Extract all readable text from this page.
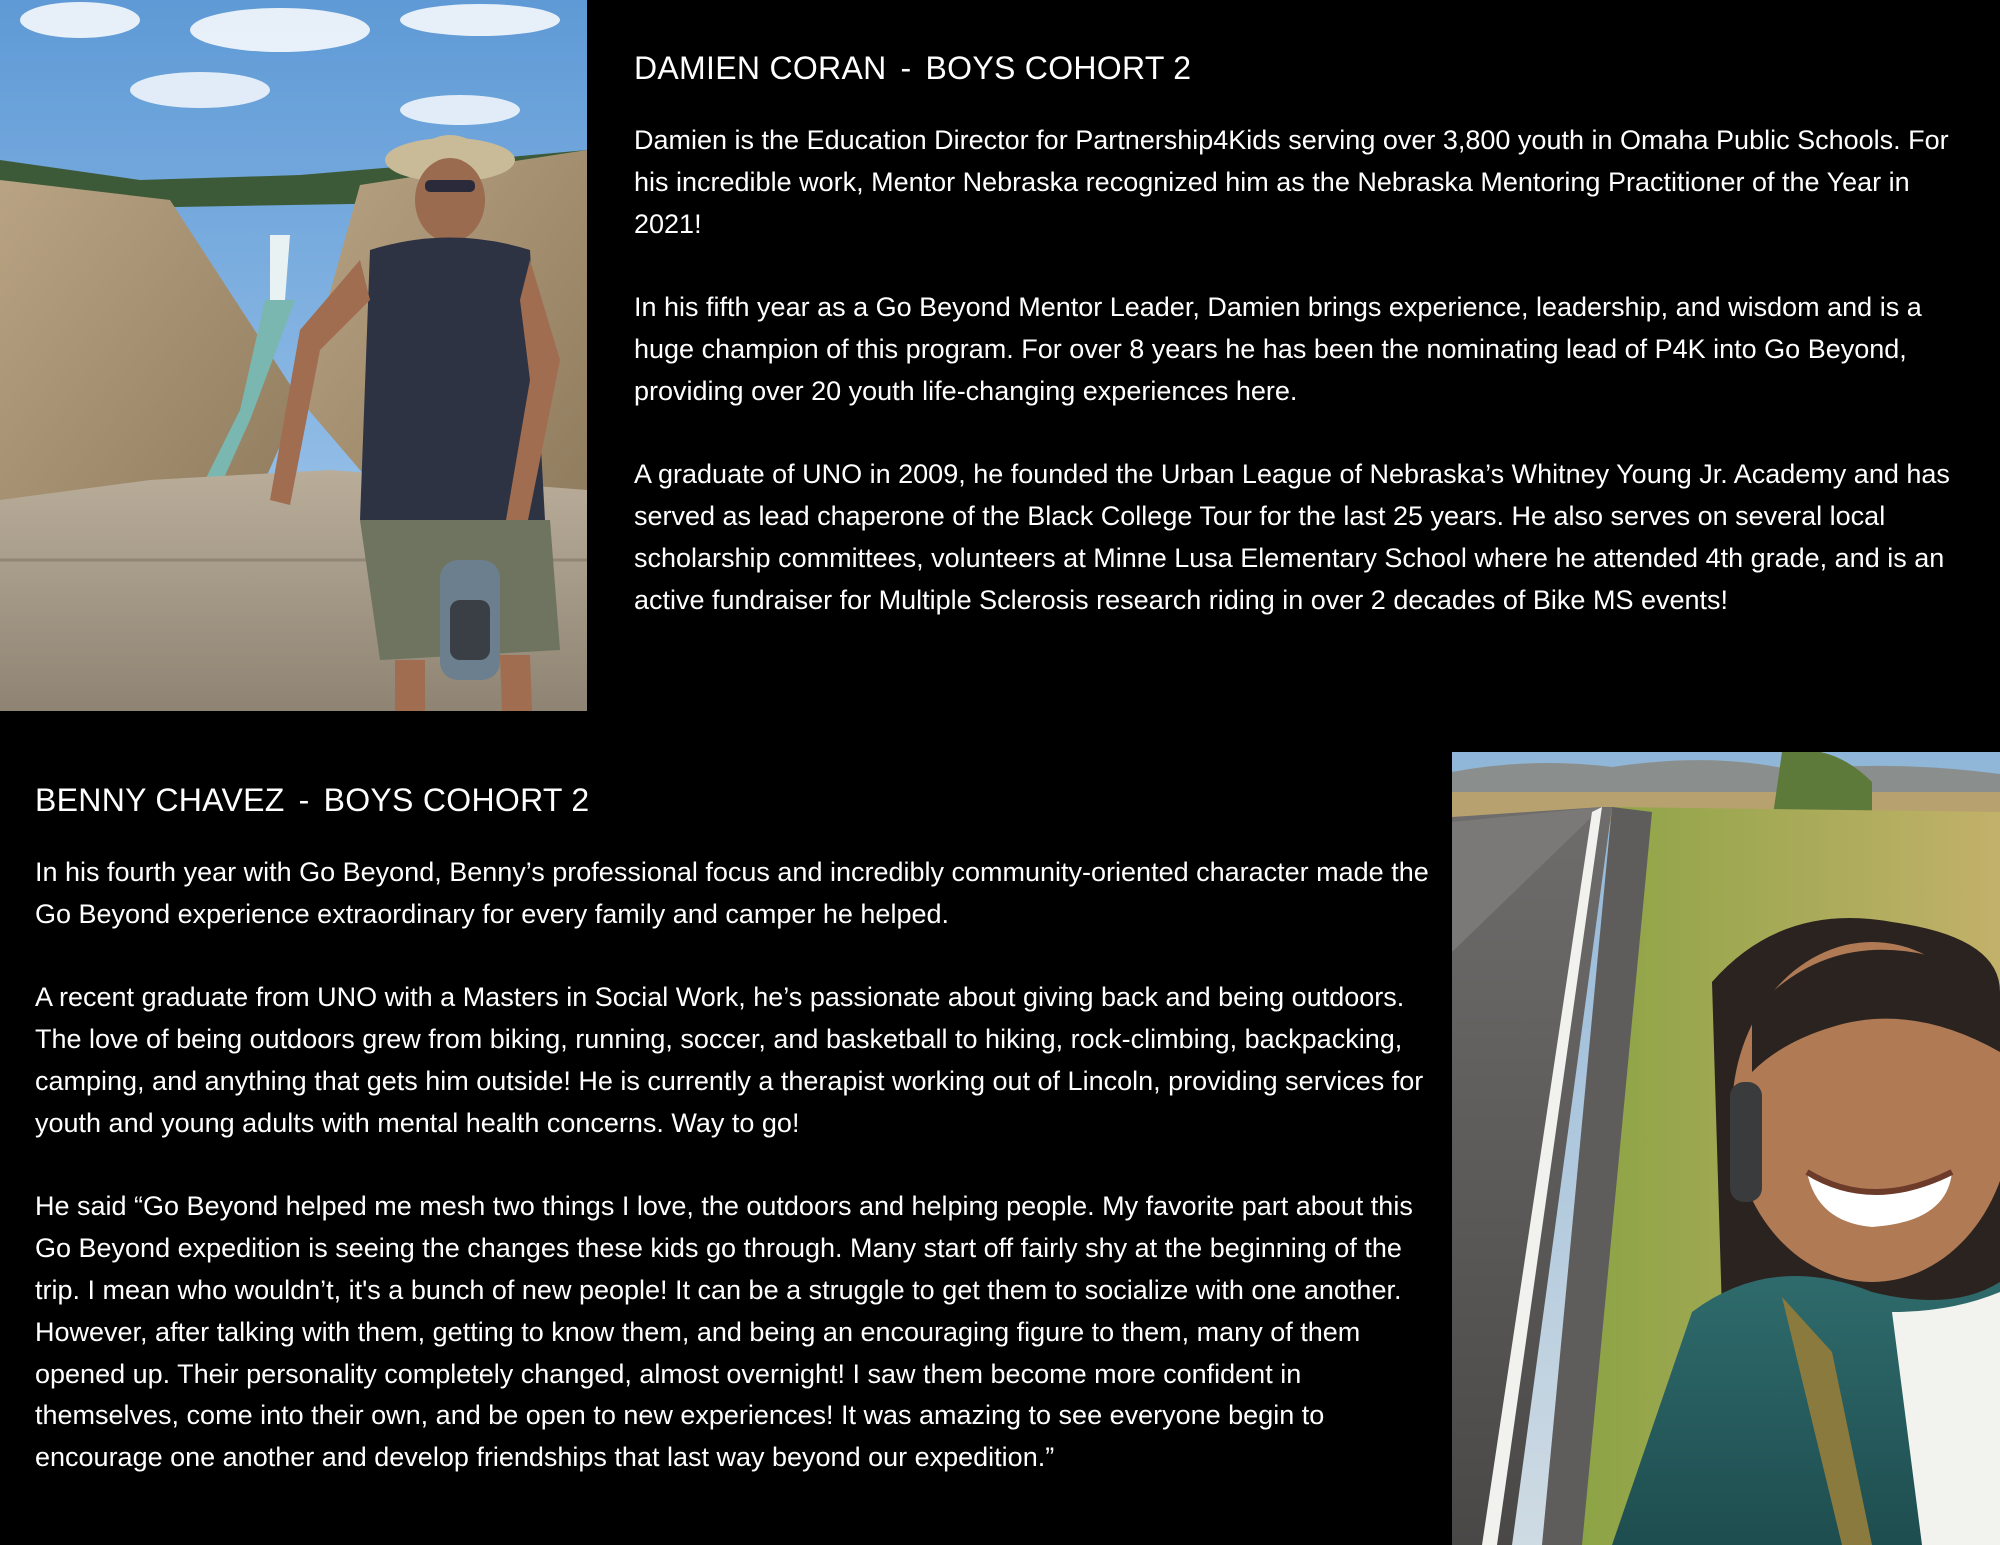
DAMIEN CORAN - BOYS COHORT 2

Damien is the Education Director for Partnership4Kids serving over 3,800 youth in Omaha Public Schools. For his incredible work, Mentor Nebraska recognized him as the Nebraska Mentoring Practitioner of the Year in 2021!

In his fifth year as a Go Beyond Mentor Leader, Damien brings experience, leadership, and wisdom and is a huge champion of this program. For over 8 years he has been the nominating lead of P4K into Go Beyond, providing over 20 youth life-changing experiences here.

A graduate of UNO in 2009, he founded the Urban League of Nebraska’s Whitney Young Jr. Academy and has served as lead chaperone of the Black College Tour for the last 25 years. He also serves on several local scholarship committees, volunteers at Minne Lusa Elementary School where he attended 4th grade, and is an active fundraiser for Multiple Sclerosis research riding in over 2 decades of Bike MS events!

BENNY CHAVEZ - BOYS COHORT 2

In his fourth year with Go Beyond, Benny’s professional focus and incredibly community-oriented character made the Go Beyond experience extraordinary for every family and camper he helped.

A recent graduate from UNO with a Masters in Social Work, he’s passionate about giving back and being outdoors. The love of being outdoors grew from biking, running, soccer, and basketball to hiking, rock-climbing, backpacking, camping, and anything that gets him outside! He is currently a therapist working out of Lincoln, providing services for youth and young adults with mental health concerns. Way to go!

He said “Go Beyond helped me mesh two things I love, the outdoors and helping people. My favorite part about this Go Beyond expedition is seeing the changes these kids go through. Many start off fairly shy at the beginning of the trip. I mean who wouldn’t, it's a bunch of new people! It can be a struggle to get them to socialize with one another. However, after talking with them, getting to know them, and being an encouraging figure to them, many of them opened up. Their personality completely changed, almost overnight! I saw them become more confident in themselves, come into their own, and be open to new experiences! It was amazing to see everyone begin to encourage one another and develop friendships that last way beyond our expedition.”
